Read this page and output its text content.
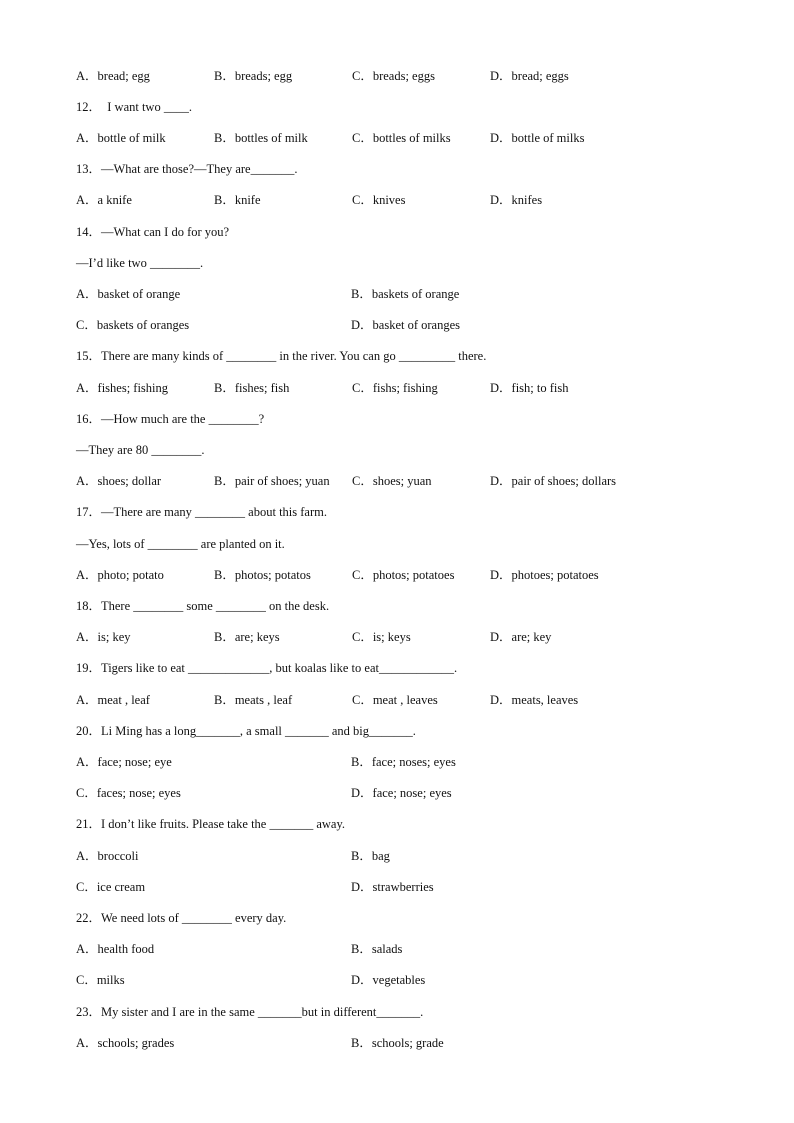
A．bread; egg	B．breads; egg	C．breads; eggs	D．bread; eggs
12．　I want two ____.
A．bottle of milk	B．bottles of milk	C．bottles of milks	D．bottle of milks
13．—What are those?—They are_______.
A．a knife	B．knife	C．knives	D．knifes
14．—What can I do for you?
—I’d like two ________.
A．basket of orange	B．baskets of orange
C．baskets of oranges	D．basket of oranges
15．There are many kinds of ________ in the river. You can go _________ there.
A．fishes; fishing	B．fishes; fish	C．fishs; fishing	D．fish; to fish
16．—How much are the ________?
—They are 80 ________.
A．shoes; dollar	B．pair of shoes; yuan C．shoes; yuan	D．pair of shoes; dollars
17．—There are many ________ about this farm.
—Yes, lots of ________ are planted on it.
A．photo; potato	B．photos; potatos	C．photos; potatoes	D．photoes; potatoes
18．There ________ some ________ on the desk.
A．is; key	B．are; keys	C．is; keys	D．are; key
19．Tigers like to eat _____________, but koalas like to eat____________.
A．meat , leaf	B．meats , leaf	C．meat , leaves	D．meats, leaves
20．Li Ming has a long_______, a small _______ and big_______.
A．face; nose; eye	B．face; noses; eyes
C．faces; nose; eyes	D．face; nose; eyes
21．I don’t like fruits. Please take the _______ away.
A．broccoli	B．bag
C．ice cream	D．strawberries
22．We need lots of ________ every day.
A．health food	B．salads
C．milks	D．vegetables
23．My sister and I are in the same _______but in different_______.
A．schools; grades	B．schools; grade
